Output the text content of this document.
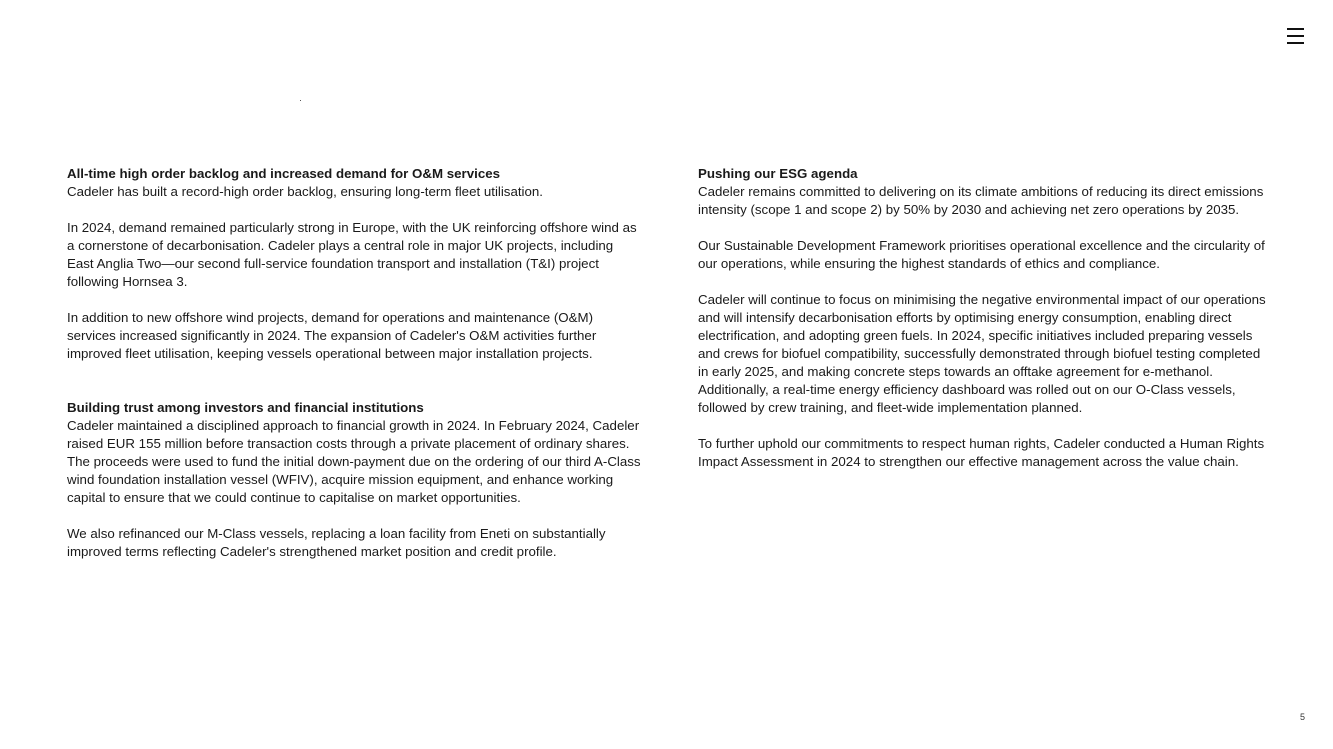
All-time high order backlog and increased demand for O&M services

Cadeler has built a record-high order backlog, ensuring long-term fleet utilisation.

In 2024, demand remained particularly strong in Europe, with the UK reinforcing offshore wind as a cornerstone of decarbonisation. Cadeler plays a central role in major UK projects, including East Anglia Two—our second full-service foundation transport and installation (T&I) project following Hornsea 3.

In addition to new offshore wind projects, demand for operations and maintenance (O&M) services increased significantly in 2024. The expansion of Cadeler's O&M activities further improved fleet utilisation, keeping vessels operational between major installation projects.

Building trust among investors and financial institutions

Cadeler maintained a disciplined approach to financial growth in 2024. In February 2024, Cadeler raised EUR 155 million before transaction costs through a private placement of ordinary shares. The proceeds were used to fund the initial down-payment due on the ordering of our third A-Class wind foundation installation vessel (WFIV), acquire mission equipment, and enhance working capital to ensure that we could continue to capitalise on market opportunities.

We also refinanced our M-Class vessels, replacing a loan facility from Eneti on substantially improved terms reflecting Cadeler's strengthened market position and credit profile.

Pushing our ESG agenda

Cadeler remains committed to delivering on its climate ambitions of reducing its direct emissions intensity (scope 1 and scope 2) by 50% by 2030 and achieving net zero operations by 2035.

Our Sustainable Development Framework prioritises operational excellence and the circularity of our operations, while ensuring the highest standards of ethics and compliance.

Cadeler will continue to focus on minimising the negative environmental impact of our operations and will intensify decarbonisation efforts by optimising energy consumption, enabling direct electrification, and adopting green fuels. In 2024, specific initiatives included preparing vessels and crews for biofuel compatibility, successfully demonstrated through biofuel testing completed in early 2025, and making concrete steps towards an offtake agreement for e-methanol. Additionally, a real-time energy efficiency dashboard was rolled out on our O-Class vessels, followed by crew training, and fleet-wide implementation planned.

To further uphold our commitments to respect human rights, Cadeler conducted a Human Rights Impact Assessment in 2024 to strengthen our effective management across the value chain.

5
